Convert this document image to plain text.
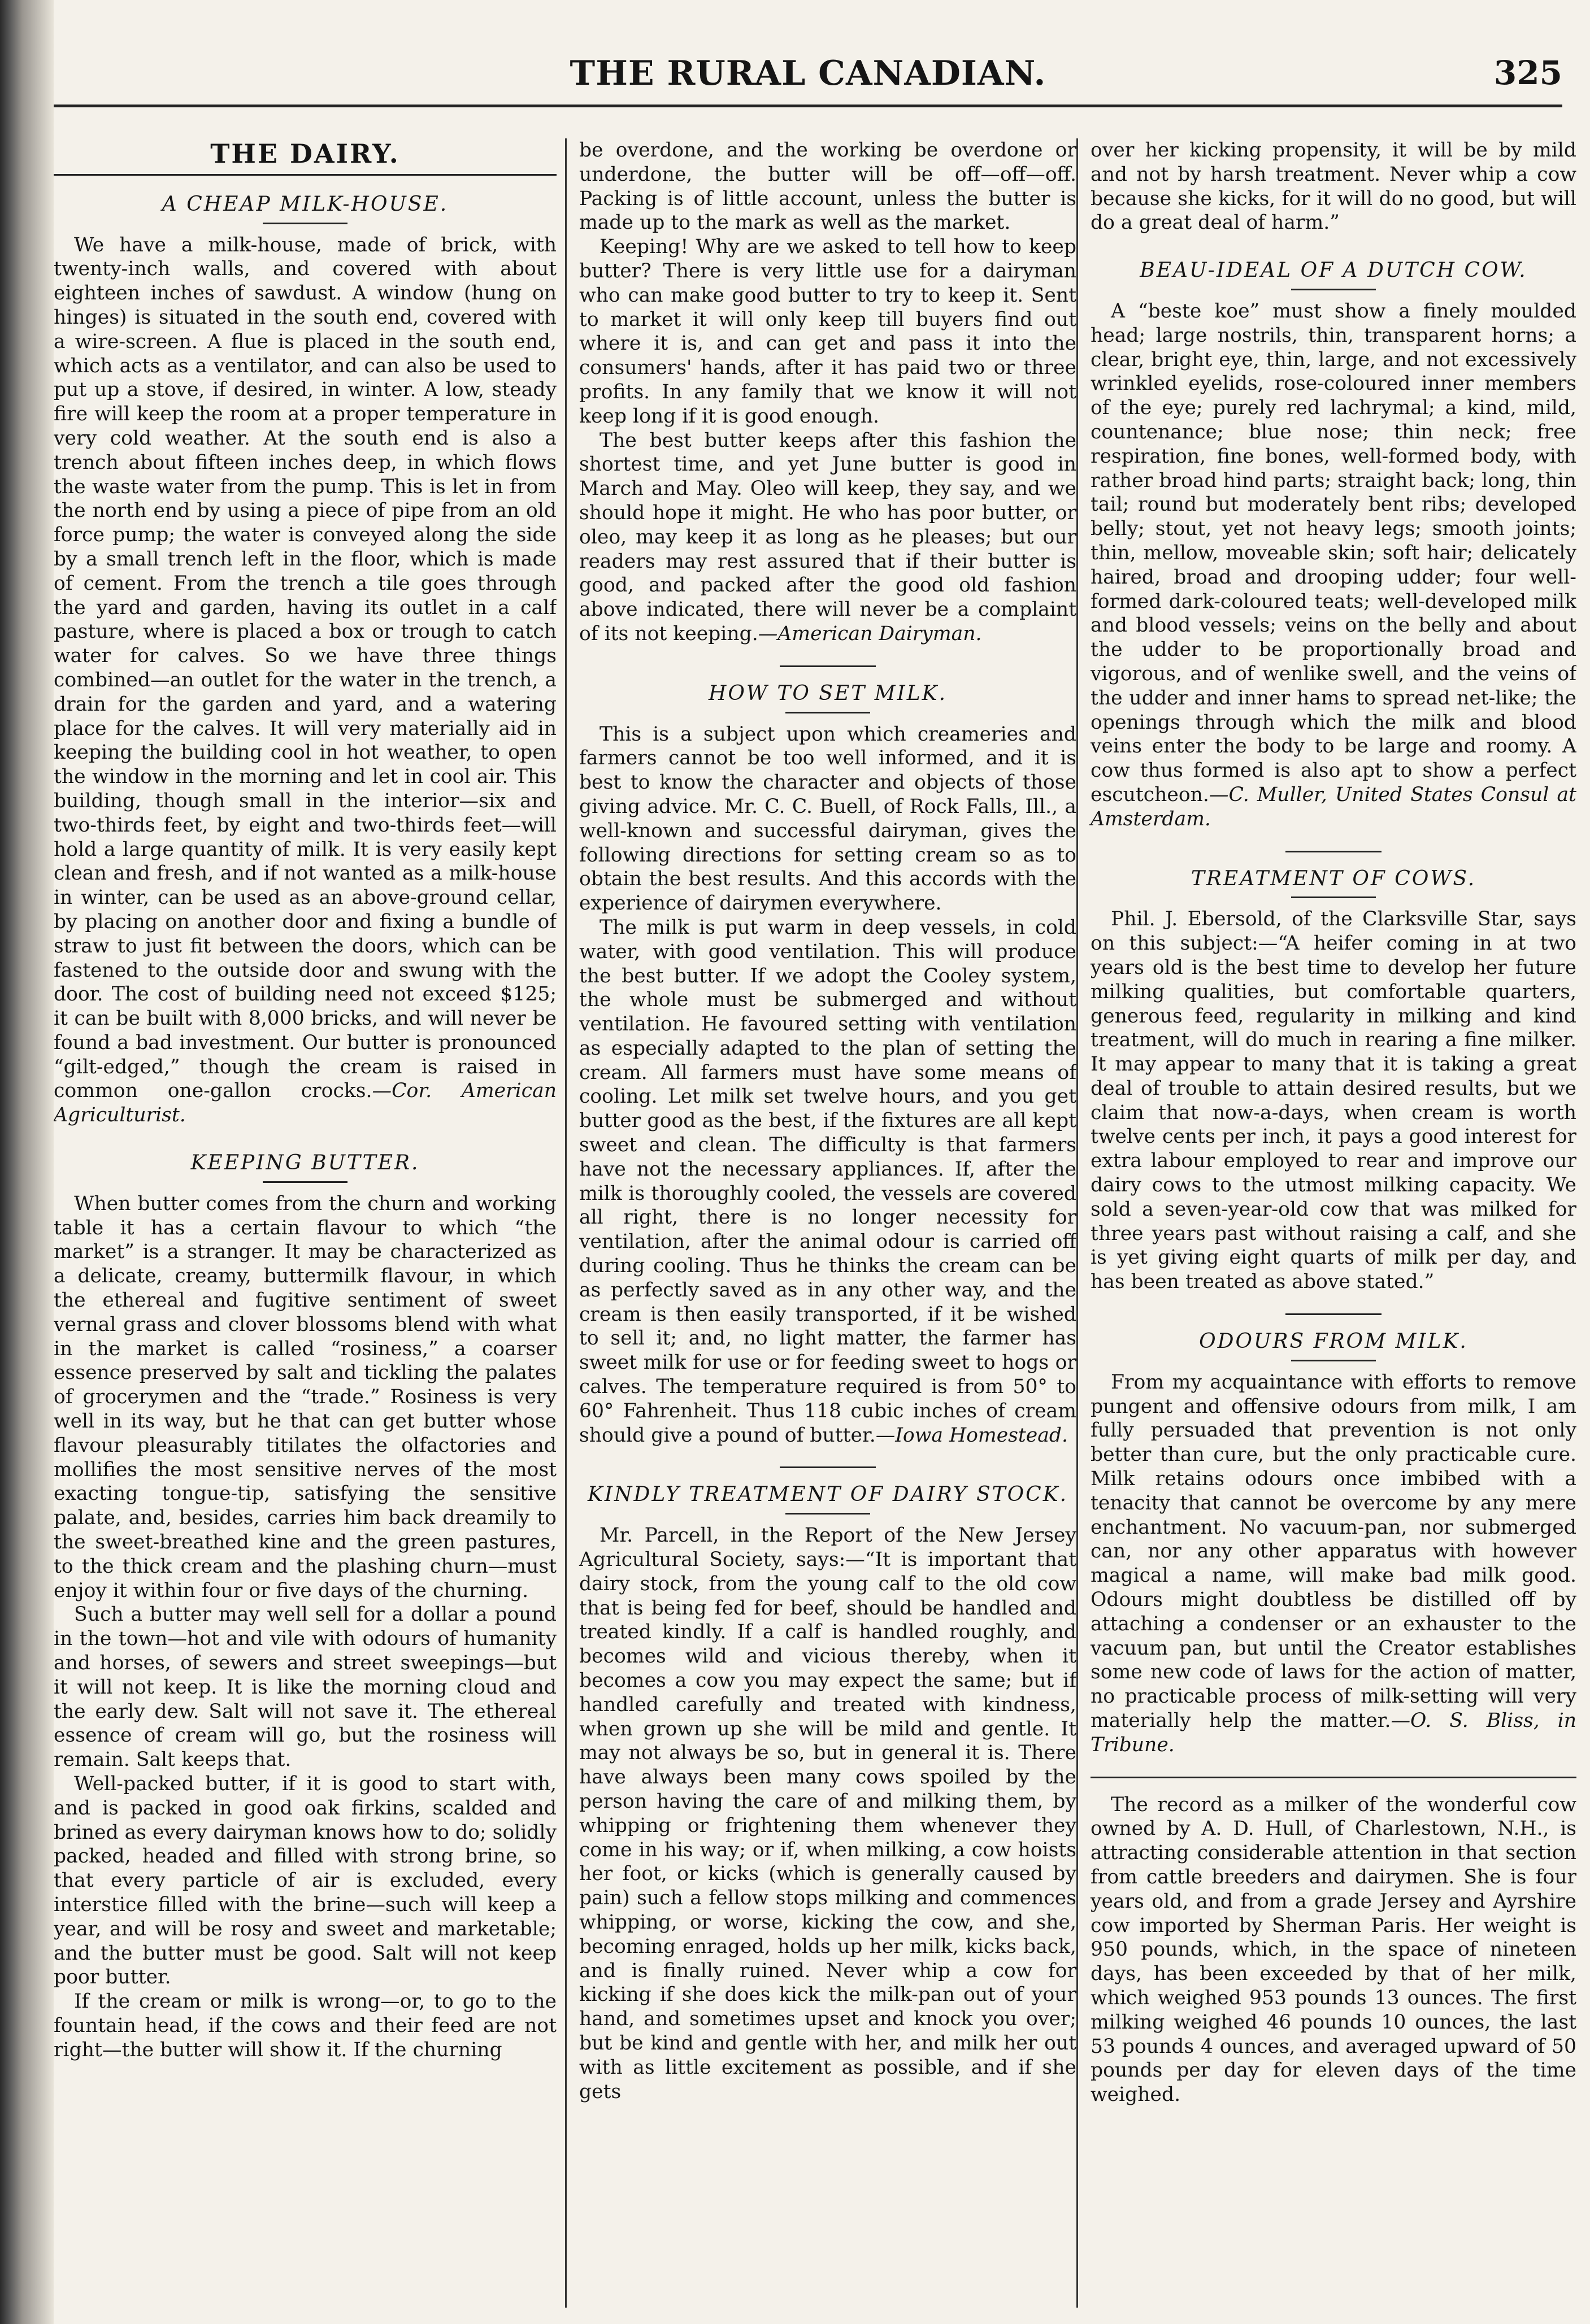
THE RURAL CANADIAN.	325
THE DAIRY.
A CHEAP MILK-HOUSE.

We have a milk-house, made of brick, with twenty-inch walls, and covered with about eighteen inches of sawdust. A window (hung on hinges) is situated in the south end, covered with a wire-screen. A flue is placed in the south end, which acts as a ventilator, and can also be used to put up a stove, if desired, in winter. A low, steady fire will keep the room at a proper temperature in very cold weather. At the south end is also a trench about fifteen inches deep, in which flows the waste water from the pump. This is let in from the north end by using a piece of pipe from an old force pump; the water is conveyed along the side by a small trench left in the floor, which is made of cement. From the trench a tile goes through the yard and garden, having its outlet in a calf pasture, where is placed a box or trough to catch water for calves. So we have three things combined—an outlet for the water in the trench, a drain for the garden and yard, and a watering place for the calves. It will very materially aid in keeping the building cool in hot weather, to open the window in the morning and let in cool air. This building, though small in the interior—six and two-thirds feet, by eight and two-thirds feet—will hold a large quantity of milk. It is very easily kept clean and fresh, and if not wanted as a milk-house in winter, can be used as an above-ground cellar, by placing on another door and fixing a bundle of straw to just fit between the doors, which can be fastened to the outside door and swung with the door. The cost of building need not exceed $125; it can be built with 8,000 bricks, and will never be found a bad investment. Our butter is pronounced “gilt-edged,” though the cream is raised in common one-gallon crocks.—Cor. American Agriculturist.

KEEPING BUTTER.

When butter comes from the churn and working table it has a certain flavour to which “the market” is a stranger. It may be characterized as a delicate, creamy, buttermilk flavour, in which the ethereal and fugitive sentiment of sweet vernal grass and clover blossoms blend with what in the market is called “rosiness,” a coarser essence preserved by salt and tickling the palates of grocerymen and the “trade.” Rosiness is very well in its way, but he that can get butter whose flavour pleasurably titilates the olfactories and mollifies the most sensitive nerves of the most exacting tongue-tip, satisfying the sensitive palate, and, besides, carries him back dreamily to the sweet-breathed kine and the green pastures, to the thick cream and the plashing churn—must enjoy it within four or five days of the churning.

Such a butter may well sell for a dollar a pound in the town—hot and vile with odours of humanity and horses, of sewers and street sweepings—but it will not keep. It is like the morning cloud and the early dew. Salt will not save it. The ethereal essence of cream will go, but the rosiness will remain. Salt keeps that.

Well-packed butter, if it is good to start with, and is packed in good oak firkins, scalded and brined as every dairyman knows how to do; solidly packed, headed and filled with strong brine, so that every particle of air is excluded, every interstice filled with the brine—such will keep a year, and will be rosy and sweet and marketable; and the butter must be good. Salt will not keep poor butter.

If the cream or milk is wrong—or, to go to the fountain head, if the cows and their feed are not right—the butter will show it. If the churning

be overdone, and the working be overdone or underdone, the butter will be off—off—off. Packing is of little account, unless the butter is made up to the mark as well as the market.

Keeping! Why are we asked to tell how to keep butter? There is very little use for a dairyman who can make good butter to try to keep it. Sent to market it will only keep till buyers find out where it is, and can get and pass it into the consumers' hands, after it has paid two or three profits. In any family that we know it will not keep long if it is good enough.

The best butter keeps after this fashion the shortest time, and yet June butter is good in March and May. Oleo will keep, they say, and we should hope it might. He who has poor butter, or oleo, may keep it as long as he pleases; but our readers may rest assured that if their butter is good, and packed after the good old fashion above indicated, there will never be a complaint of its not keeping.—American Dairyman.

HOW TO SET MILK.

This is a subject upon which creameries and farmers cannot be too well informed, and it is best to know the character and objects of those giving advice. Mr. C. C. Buell, of Rock Falls, Ill., a well-known and successful dairyman, gives the following directions for setting cream so as to obtain the best results. And this accords with the experience of dairymen everywhere.

The milk is put warm in deep vessels, in cold water, with good ventilation. This will produce the best butter. If we adopt the Cooley system, the whole must be submerged and without ventilation. He favoured setting with ventilation as especially adapted to the plan of setting the cream. All farmers must have some means of cooling. Let milk set twelve hours, and you get butter good as the best, if the fixtures are all kept sweet and clean. The difficulty is that farmers have not the necessary appliances. If, after the milk is thoroughly cooled, the vessels are covered all right, there is no longer necessity for ventilation, after the animal odour is carried off during cooling. Thus he thinks the cream can be as perfectly saved as in any other way, and the cream is then easily transported, if it be wished to sell it; and, no light matter, the farmer has sweet milk for use or for feeding sweet to hogs or calves. The temperature required is from 50° to 60° Fahrenheit. Thus 118 cubic inches of cream should give a pound of butter.—Iowa Homestead.

KINDLY TREATMENT OF DAIRY STOCK.

Mr. Parcell, in the Report of the New Jersey Agricultural Society, says:—“It is important that dairy stock, from the young calf to the old cow that is being fed for beef, should be handled and treated kindly. If a calf is handled roughly, and becomes wild and vicious thereby, when it becomes a cow you may expect the same; but if handled carefully and treated with kindness, when grown up she will be mild and gentle. It may not always be so, but in general it is. There have always been many cows spoiled by the person having the care of and milking them, by whipping or frightening them whenever they come in his way; or if, when milking, a cow hoists her foot, or kicks (which is generally caused by pain) such a fellow stops milking and commences whipping, or worse, kicking the cow, and she, becoming enraged, holds up her milk, kicks back, and is finally ruined. Never whip a cow for kicking if she does kick the milk-pan out of your hand, and sometimes upset and knock you over; but be kind and gentle with her, and milk her out with as little excitement as possible, and if she gets

over her kicking propensity, it will be by mild and not by harsh treatment. Never whip a cow because she kicks, for it will do no good, but will do a great deal of harm.”

BEAU-IDEAL OF A DUTCH COW.

A “beste koe” must show a finely moulded head; large nostrils, thin, transparent horns; a clear, bright eye, thin, large, and not excessively wrinkled eyelids, rose-coloured inner members of the eye; purely red lachrymal; a kind, mild, countenance; blue nose; thin neck; free respiration, fine bones, well-formed body, with rather broad hind parts; straight back; long, thin tail; round but moderately bent ribs; developed belly; stout, yet not heavy legs; smooth joints; thin, mellow, moveable skin; soft hair; delicately haired, broad and drooping udder; four well-formed dark-coloured teats; well-developed milk and blood vessels; veins on the belly and about the udder to be proportionally broad and vigorous, and of wenlike swell, and the veins of the udder and inner hams to spread net-like; the openings through which the milk and blood veins enter the body to be large and roomy. A cow thus formed is also apt to show a perfect escutcheon.—C. Muller, United States Consul at Amsterdam.

TREATMENT OF COWS.

Phil. J. Ebersold, of the Clarksville Star, says on this subject:—“A heifer coming in at two years old is the best time to develop her future milking qualities, but comfortable quarters, generous feed, regularity in milking and kind treatment, will do much in rearing a fine milker. It may appear to many that it is taking a great deal of trouble to attain desired results, but we claim that now-a-days, when cream is worth twelve cents per inch, it pays a good interest for extra labour employed to rear and improve our dairy cows to the utmost milking capacity. We sold a seven-year-old cow that was milked for three years past without raising a calf, and she is yet giving eight quarts of milk per day, and has been treated as above stated.”

ODOURS FROM MILK.

From my acquaintance with efforts to remove pungent and offensive odours from milk, I am fully persuaded that prevention is not only better than cure, but the only practicable cure. Milk retains odours once imbibed with a tenacity that cannot be overcome by any mere enchantment. No vacuum-pan, nor submerged can, nor any other apparatus with however magical a name, will make bad milk good. Odours might doubtless be distilled off by attaching a condenser or an exhauster to the vacuum pan, but until the Creator establishes some new code of laws for the action of matter, no practicable process of milk-setting will very materially help the matter.—O. S. Bliss, in Tribune.

The record as a milker of the wonderful cow owned by A. D. Hull, of Charlestown, N.H., is attracting considerable attention in that section from cattle breeders and dairymen. She is four years old, and from a grade Jersey and Ayrshire cow imported by Sherman Paris. Her weight is 950 pounds, which, in the space of nineteen days, has been exceeded by that of her milk, which weighed 953 pounds 13 ounces. The first milking weighed 46 pounds 10 ounces, the last 53 pounds 4 ounces, and averaged upward of 50 pounds per day for eleven days of the time weighed.
